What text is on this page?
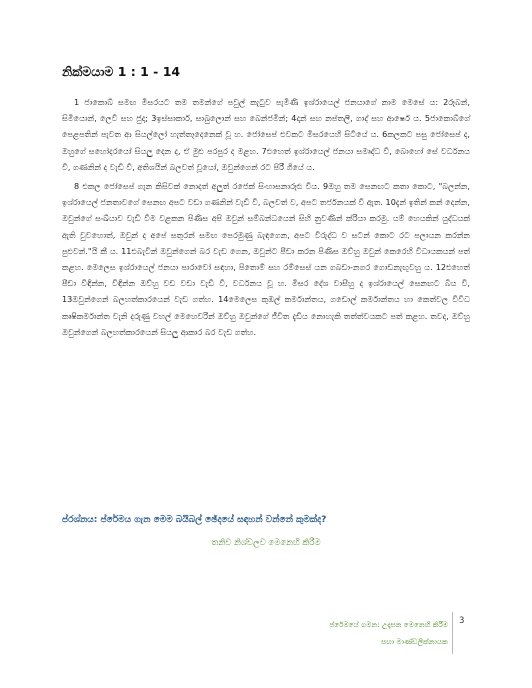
නික්මයාම 1 : 1 - 14

1 ජාකොබ් සමඟ මිසරයට තම තමන්ගේ පවුල් කැටුව පැමිණි ඉශ්රායෙල් ජනයාගේ නාම මෙසේ ය: 2රූබන්, සිමියොන්, ලෙවී සහ ජුදා; 3ඉස්සාකාර්, සාබුලොන් සහ බෙන්ජමින්; 4දාන් සහ නප්තලී, ගාද් සහ ආෂෙර් ය. 5ජාකොබ්ගේ පෙළපතින් පැවත ආ සියල්ලෝ හැත්තෑදෙනෙක් වූ හ. ජෝසෙප් එවකට මිසරයෙහි සිටියේ ය. 6කලකට පසු ජෝසෙප් ද, ඔහුගේ සහෝදරයෝ සියලු දෙන ද, ඒ මුළු පරපුර ද මළහ. 7එහෙත් ඉශ්රායෙල් ජනයා සමෘද්ධ වී, බොහෝ සේ වර්ධනය වී, ගණනින් ද වැඩි වී, අතිශයින් බලවත් වූයෝ, ඔවුන්ගෙන් රට පිරී ගියේ ය.

8 එකල ජෝසෙප් ගැන කිසිවක් නොදත් අලුත් රජෙක් සිංහාසනාරූඪ විය. 9ඔහු තම සෙනඟට කතා කොට, "බලන්න, ඉශ්රායෙල් ජනතාවගේ සෙනඟ අපට වඩා ගණනින් වැඩි වී, බලවත් ව, අපට තර්ජනයක් වී ඇත. 10දැන් ඉතින් කන් දෙන්න, ඔවුන්ගේ සංඛ්යාව වැඩි වීම වළකන පිණිස අපි ඔවුන් සම්බන්ධයෙන් සිහි නුවණින් ක්රියා කරමු. යම් හෙයකින් යුද්ධයක් ඇති වුවහොත්, ඔවුන් ද අපේ සතුරන් සමඟ පෙරමුණු බැඳගෙන, අපට විරුද්ධ ව සටන් කොට රට පලායන කරන්න පුළුවන්."යි කී ය. 11එබැවින් ඔවුන්ගෙන් බර වැඩ ගෙන, ඔවුන්ට පීඩා කරන පිණිස ඔව්හු ඔවුන් කෙරෙහි විධායකයන් පත් කළහ. මෙලෙස ඉශ්රායෙල් ජනයා පාරාවෝ සඳහා, පිතොම් සහ රම්සෙස් යන ගබඩා-නගර ගොඩනැඟුවහු ය. 12එහෙත් පීඩා විඳින්න, විඳින්න ඔව්හු වඩ වඩා වැඩි වී, වර්ධනය වූ හ. මිසර දේශ වාසීහු ද ඉශ්රායෙල් සෙනඟට බිය වී, 13ඔවුන්ගෙන් බලහත්කාරයෙන් වැඩ ගත්හ. 14මෙලෙස කුඹල් කර්මාන්තය, ගඩොල් කර්මාන්තය හා කෙත්වල විවිධ කෘෂිකර්මාන්ත වැනි දරුණු වහල් මෙහෙවරින් ඔව්හු ඔවුන්ගේ ජීවිත දැඩිය නොහැකි තත්ත්වයකට පත් කළහ. තවද, ඔව්හු ඔවුන්ගෙන් බලහත්කාරයෙන් සියලු ආකාර බර වැඩ ගත්හ.

ප්රශ්නය: ප්රේමය ගැන මෙම බයිබල් ඡේදයේ සඳහන් වන්නේ කුමක්ද?

තනිව නිශ්චලව මෙනෙහි කිරීම

ප්රේමයේ ගමන: උදෑසන මෙනෙහි කිරීම
සහා මාණ්ඩලික්නායක
3
